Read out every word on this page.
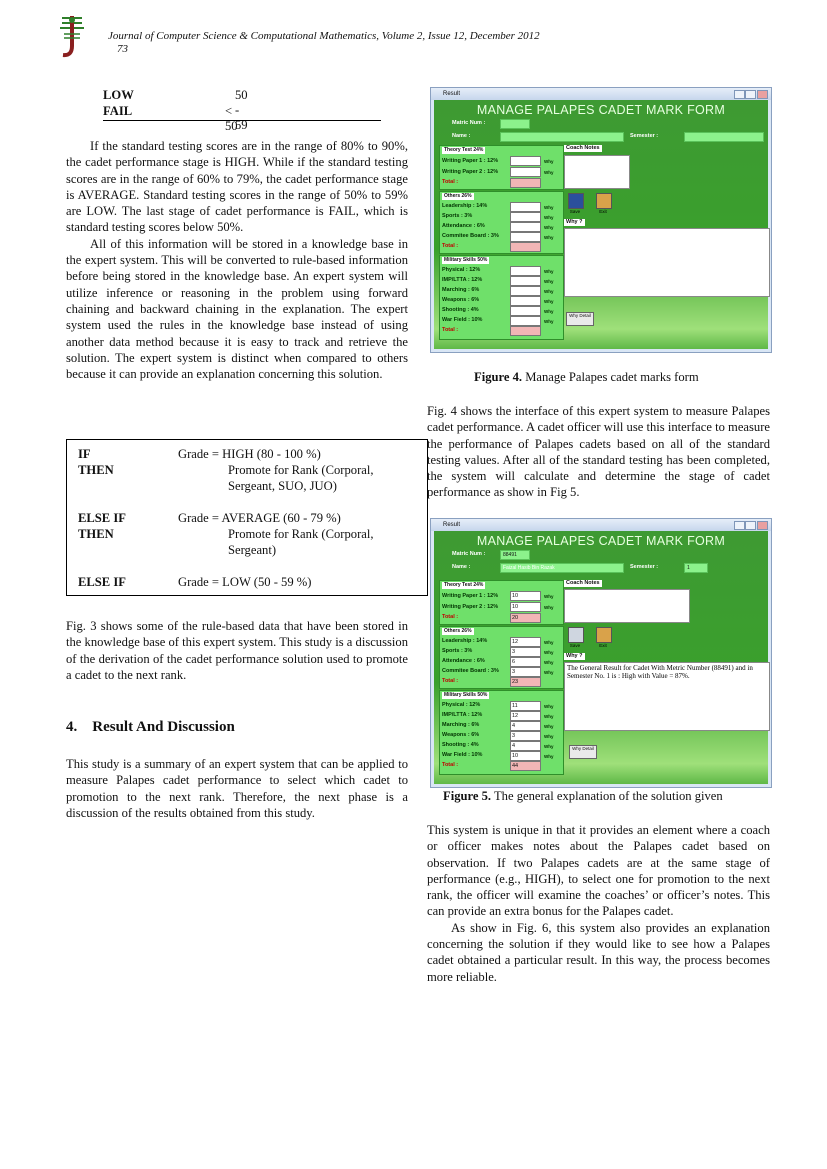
Journal of Computer Science & Computational Mathematics, Volume 2, Issue 12, December 2012
73
LOW	50 - 59
FAIL	< 50

If the standard testing scores are in the range of 80% to 90%, the cadet performance stage is HIGH. While if the standard testing scores are in the range of 60% to 79%, the cadet performance stage is AVERAGE. Standard testing scores in the range of 50% to 59% are LOW. The last stage of cadet performance is FAIL, which is standard testing scores below 50%.

All of this information will be stored in a knowledge base in the expert system. This will be converted to rule-based information before being stored in the knowledge base. An expert system will utilize inference or reasoning in the problem using forward chaining and backward chaining in the explanation. The expert system used the rules in the knowledge base instead of using another data method because it is easy to track and retrieve the solution. The expert system is distinct when compared to others because it can provide an explanation concerning this solution.

IF	Grade = HIGH (80 - 100 %)
THEN	Promote for Rank (Corporal,
Sergeant, SUO, JUO)
ELSE IF	Grade = AVERAGE (60 - 79 %)
THEN	Promote for Rank (Corporal,
Sergeant)
ELSE IF	Grade = LOW (50 - 59 %)

Fig. 3 shows some of the rule-based data that have been stored in the knowledge base of this expert system. This study is a discussion of the derivation of the cadet performance solution used to promote a cadet to the next rank.

4. Result And Discussion

This study is a summary of an expert system that can be applied to measure Palapes cadet performance to select which cadet to promotion to the next rank. Therefore, the next phase is a discussion of the results obtained from this study.

Result
MANAGE PALAPES CADET MARK FORM
Matric Num :
Name :	Semester :
Theory Test 24%
Writing Paper 1 : 12%	Why
Writing Paper 2 : 12%	Why
Total :
Others 26%
Leadership : 14%	Why
Sports : 3%	Why
Attendance : 6%	Why
Commitee Board : 3%	Why
Total :
Military Skills 50%
Physical : 12%	Why
IMP/LTTA : 12%	Why
Marching : 6%	Why
Weapons : 6%	Why
Shooting : 4%	Why
War Field : 10%	Why
Total :
Coach Notes
Save	Exit
Why ?
Why Detail
Figure 4. Manage Palapes cadet marks form

Fig. 4 shows the interface of this expert system to measure Palapes cadet performance. A cadet officer will use this interface to measure the performance of Palapes cadets based on all of the standard testing values. After all of the standard testing has been completed, the system will calculate and determine the stage of cadet performance as show in Fig 5.

Result
MANAGE PALAPES CADET MARK FORM
Matric Num :	88491
Name :	Faizal Hasib Bin Razak	Semester :	1
Theory Test 24%
Writing Paper 1 : 12%	10	Why
Writing Paper 2 : 12%	10	Why
Total :	20
Others 26%
Leadership : 14%	12	Why
Sports : 3%	3	Why
Attendance : 6%	6	Why
Commitee Board : 3%	3	Why
Total :	23
Military Skills 50%
Physical : 12%	11	Why
IMP/LTTA : 12%	12	Why
Marching : 6%	4	Why
Weapons : 6%	3	Why
Shooting : 4%	4	Why
War Field : 10%	10	Why
Total :	44
Coach Notes
Save	Exit
Why ?
The General Result for Cadet With Metric Number (88491) and in Semester No. 1 is : High with Value = 87%.
Why Detail
Figure 5. The general explanation of the solution given

This system is unique in that it provides an element where a coach or officer makes notes about the Palapes cadet based on observation. If two Palapes cadets are at the same stage of performance (e.g., HIGH), to select one for promotion to the next rank, the officer will examine the coaches’ or officer’s notes. This can provide an extra bonus for the Palapes cadet.

As show in Fig. 6, this system also provides an explanation concerning the solution if they would like to see how a Palapes cadet obtained a particular result. In this way, the process becomes more reliable.
